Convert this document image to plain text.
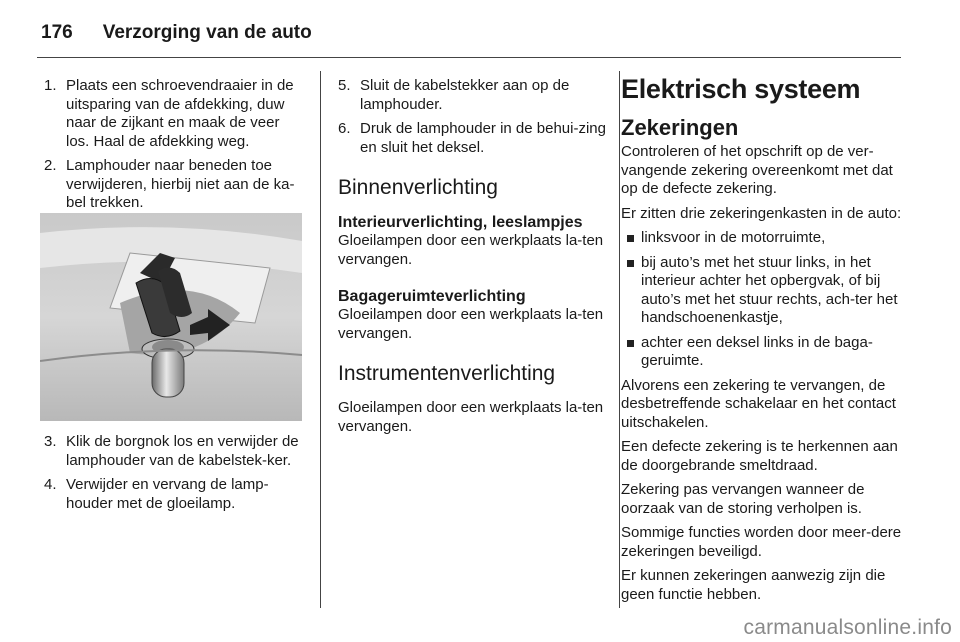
176 Verzorging van de auto
1. Plaats een schroevendraaier in de uitsparing van de afdekking, duw naar de zijkant en maak de veer los. Haal de afdekking weg.
2. Lamphouder naar beneden toe verwijderen, hierbij niet aan de ka-bel trekken.
3. Klik de borgnok los en verwijder de lamphouder van de kabelstek-ker.
4. Verwijder en vervang de lamp-houder met de gloeilamp.
5. Sluit de kabelstekker aan op de lamphouder.
6. Druk de lamphouder in de behui-zing en sluit het deksel.
Binnenverlichting
Interieurverlichting, leeslampjes

Gloeilampen door een werkplaats la-ten vervangen.

Bagageruimteverlichting

Gloeilampen door een werkplaats la-ten vervangen.

Instrumentenverlichting

Gloeilampen door een werkplaats la-ten vervangen.

Elektrisch systeem
Zekeringen

Controleren of het opschrift op de ver-vangende zekering overeenkomt met dat op de defecte zekering.

Er zitten drie zekeringenkasten in de auto:

linksvoor in de motorruimte,
bij auto’s met het stuur links, in het interieur achter het opbergvak, of bij auto’s met het stuur rechts, ach-ter het handschoenenkastje,
achter een deksel links in de baga-geruimte.

Alvorens een zekering te vervangen, de desbetreffende schakelaar en het contact uitschakelen.

Een defecte zekering is te herkennen aan de doorgebrande smeltdraad.

Zekering pas vervangen wanneer de oorzaak van de storing verholpen is.

Sommige functies worden door meer-dere zekeringen beveiligd.

Er kunnen zekeringen aanwezig zijn die geen functie hebben.

carmanualsonline.info
